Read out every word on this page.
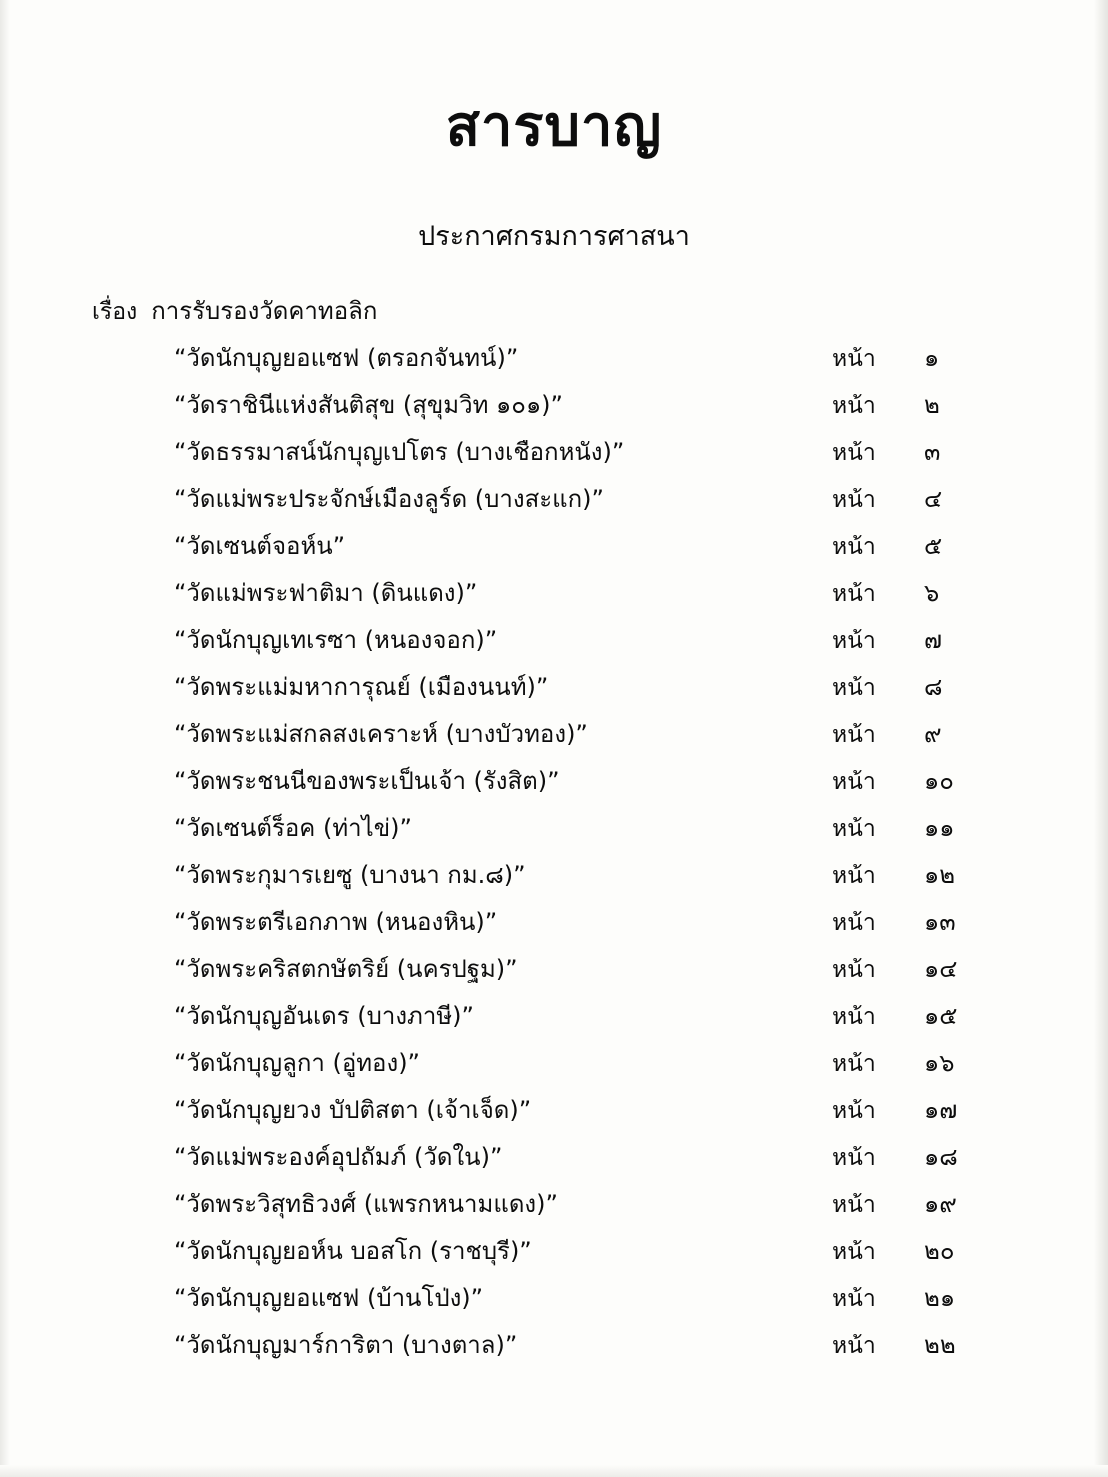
สารบาญ
ประกาศกรมการศาสนา
เรื่อง การรับรองวัดคาทอลิก
“วัดนักบุญยอแซฟ (ตรอกจันทน์)”	หน้า	๑
“วัดราชินีแห่งสันติสุข (สุขุมวิท ๑๐๑)”	หน้า	๒
“วัดธรรมาสน์นักบุญเปโตร (บางเชือกหนัง)”	หน้า	๓
“วัดแม่พระประจักษ์เมืองลูร์ด (บางสะแก)”	หน้า	๔
“วัดเซนต์จอห์น”	หน้า	๕
“วัดแม่พระฟาติมา (ดินแดง)”	หน้า	๖
“วัดนักบุญเทเรซา (หนองจอก)”	หน้า	๗
“วัดพระแม่มหาการุณย์ (เมืองนนท์)”	หน้า	๘
“วัดพระแม่สกลสงเคราะห์ (บางบัวทอง)”	หน้า	๙
“วัดพระชนนีของพระเป็นเจ้า (รังสิต)”	หน้า	๑๐
“วัดเซนต์ร็อค (ท่าไข่)”	หน้า	๑๑
“วัดพระกุมารเยซู (บางนา กม.๘)”	หน้า	๑๒
“วัดพระตรีเอกภาพ (หนองหิน)”	หน้า	๑๓
“วัดพระคริสตกษัตริย์ (นครปฐม)”	หน้า	๑๔
“วัดนักบุญอันเดร (บางภาษี)”	หน้า	๑๕
“วัดนักบุญลูกา (อู่ทอง)”	หน้า	๑๖
“วัดนักบุญยวง บัปติสตา (เจ้าเจ็ด)”	หน้า	๑๗
“วัดแม่พระองค์อุปถัมภ์ (วัดใน)”	หน้า	๑๘
“วัดพระวิสุทธิวงศ์ (แพรกหนามแดง)”	หน้า	๑๙
“วัดนักบุญยอห์น บอสโก (ราชบุรี)”	หน้า	๒๐
“วัดนักบุญยอแซฟ (บ้านโป่ง)”	หน้า	๒๑
“วัดนักบุญมาร์การิตา (บางตาล)”	หน้า	๒๒
